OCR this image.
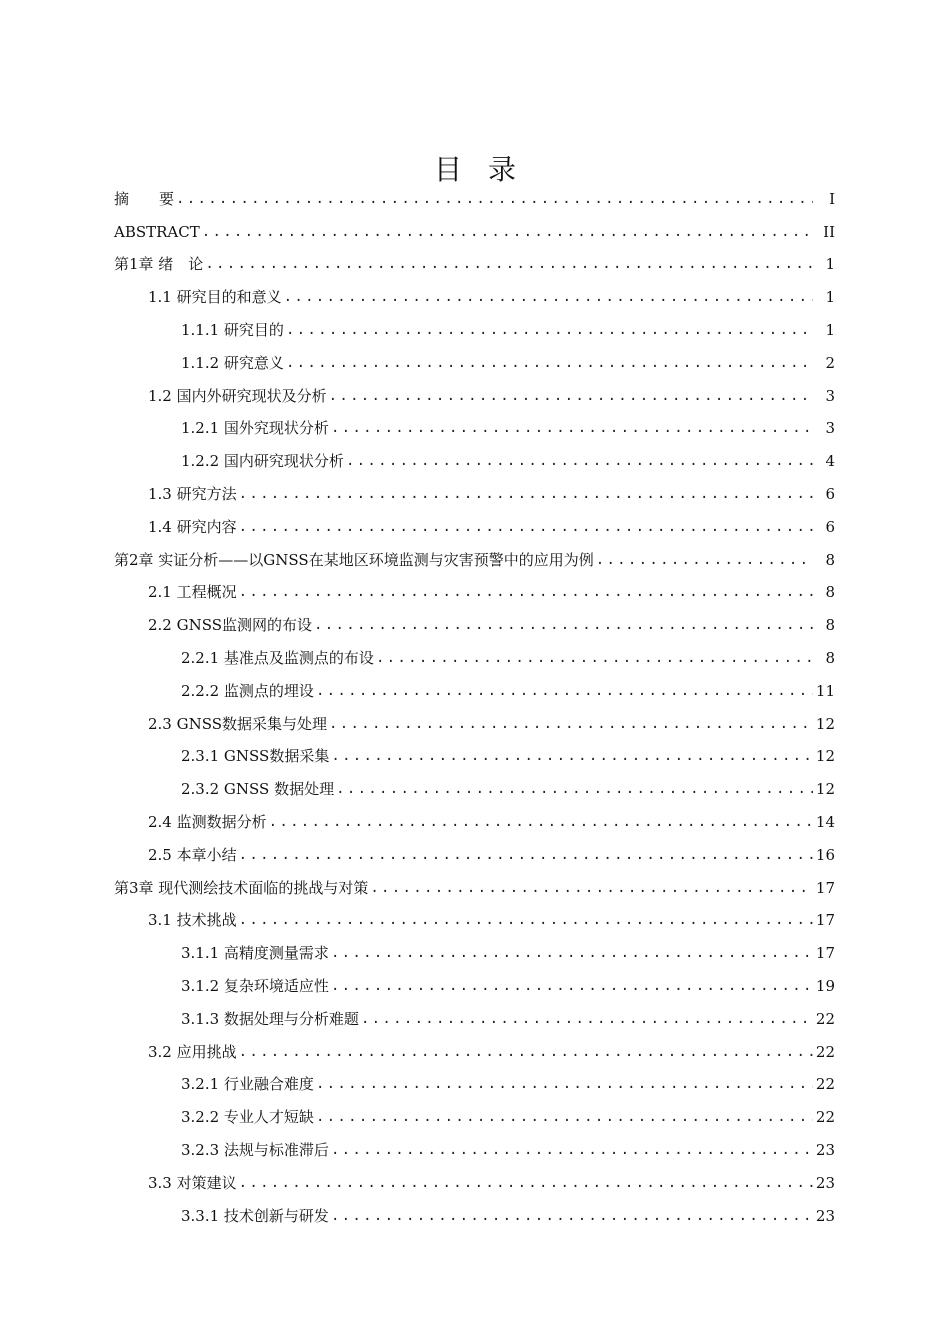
目录
摘　　要 .....	I
ABSTRACT .....	II
第1章 绪　论 .....	1
1.1 研究目的和意义 .....	1
1.1.1 研究目的 .....	1
1.1.2 研究意义 .....	2
1.2 国内外研究现状及分析 .....	3
1.2.1 国外究现状分析 .....	3
1.2.2 国内研究现状分析 .....	4
1.3 研究方法 .....	6
1.4 研究内容 .....	6
第2章 实证分析——以GNSS在某地区环境监测与灾害预警中的应用为例 .....	8
2.1 工程概况 .....	8
2.2 GNSS监测网的布设 .....	8
2.2.1 基准点及监测点的布设 .....	8
2.2.2 监测点的埋设 .....	11
2.3 GNSS数据采集与处理 .....	12
2.3.1 GNSS数据采集 .....	12
2.3.2 GNSS 数据处理 .....	12
2.4 监测数据分析 .....	14
2.5 本章小结 .....	16
第3章 现代测绘技术面临的挑战与对策 .....	17
3.1 技术挑战 .....	17
3.1.1 高精度测量需求 .....	17
3.1.2 复杂环境适应性 .....	19
3.1.3 数据处理与分析难题 .....	22
3.2 应用挑战 .....	22
3.2.1 行业融合难度 .....	22
3.2.2 专业人才短缺 .....	22
3.2.3 法规与标准滞后 .....	23
3.3 对策建议 .....	23
3.3.1 技术创新与研发 .....	23
